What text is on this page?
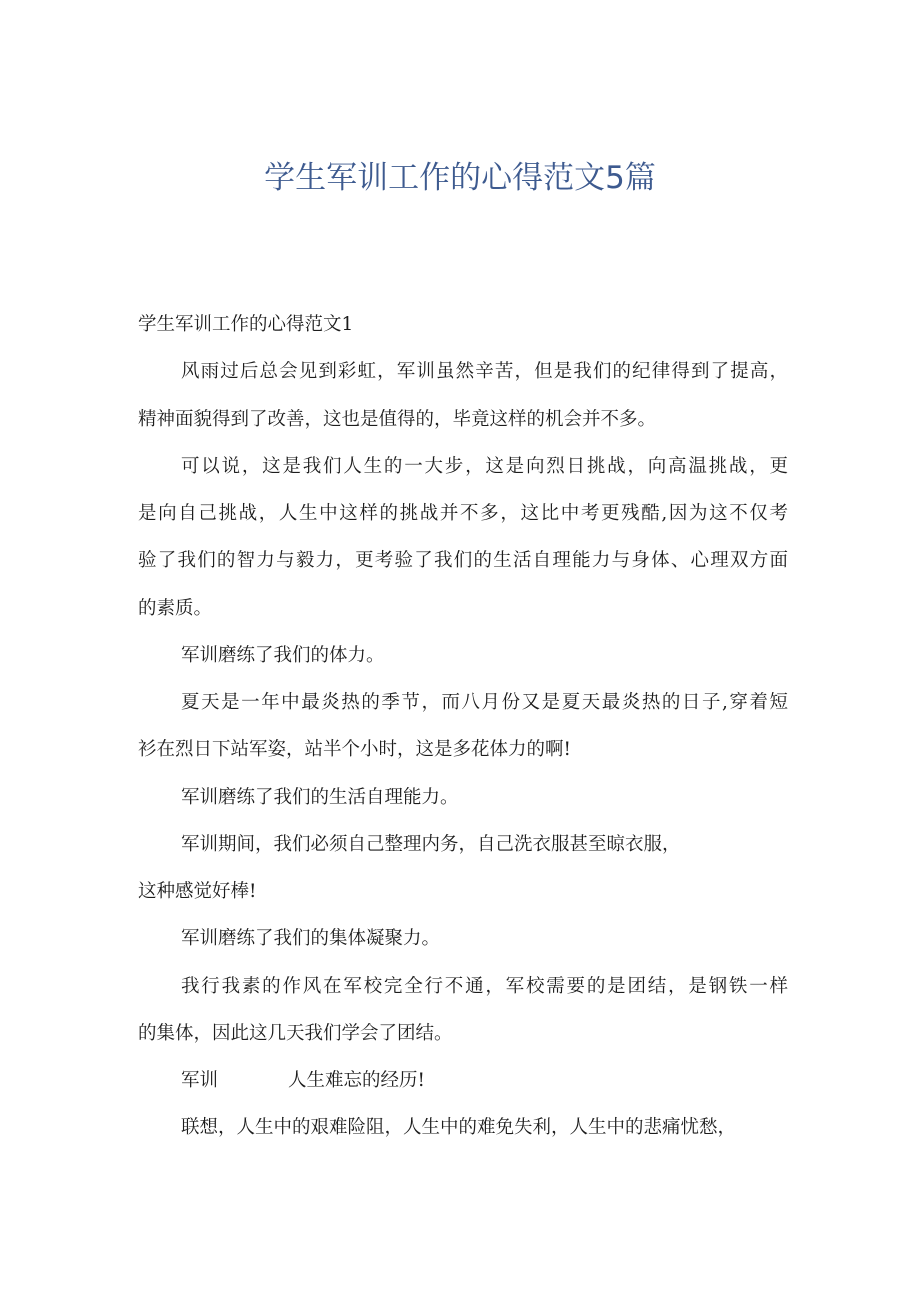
学生军训工作的心得范文5篇

学生军训工作的心得范文1

风雨过后总会见到彩虹，军训虽然辛苦，但是我们的纪律得到了提高，

精神面貌得到了改善，这也是值得的，毕竟这样的机会并不多。

可以说，这是我们人生的一大步，这是向烈日挑战，向高温挑战，更

是向自己挑战，人生中这样的挑战并不多，这比中考更残酷,因为这不仅考

验了我们的智力与毅力，更考验了我们的生活自理能力与身体、心理双方面

的素质。

军训磨练了我们的体力。

夏天是一年中最炎热的季节，而八月份又是夏天最炎热的日子,穿着短

衫在烈日下站军姿，站半个小时，这是多花体力的啊!

军训磨练了我们的生活自理能力。

军训期间，我们必须自己整理内务，自己洗衣服甚至晾衣服，

这种感觉好棒!

军训磨练了我们的集体凝聚力。

我行我素的作风在军校完全行不通，军校需要的是团结，是钢铁一样

的集体，因此这几天我们学会了团结。

军训	人生难忘的经历!

联想，人生中的艰难险阻，人生中的难免失利，人生中的悲痛忧愁，
